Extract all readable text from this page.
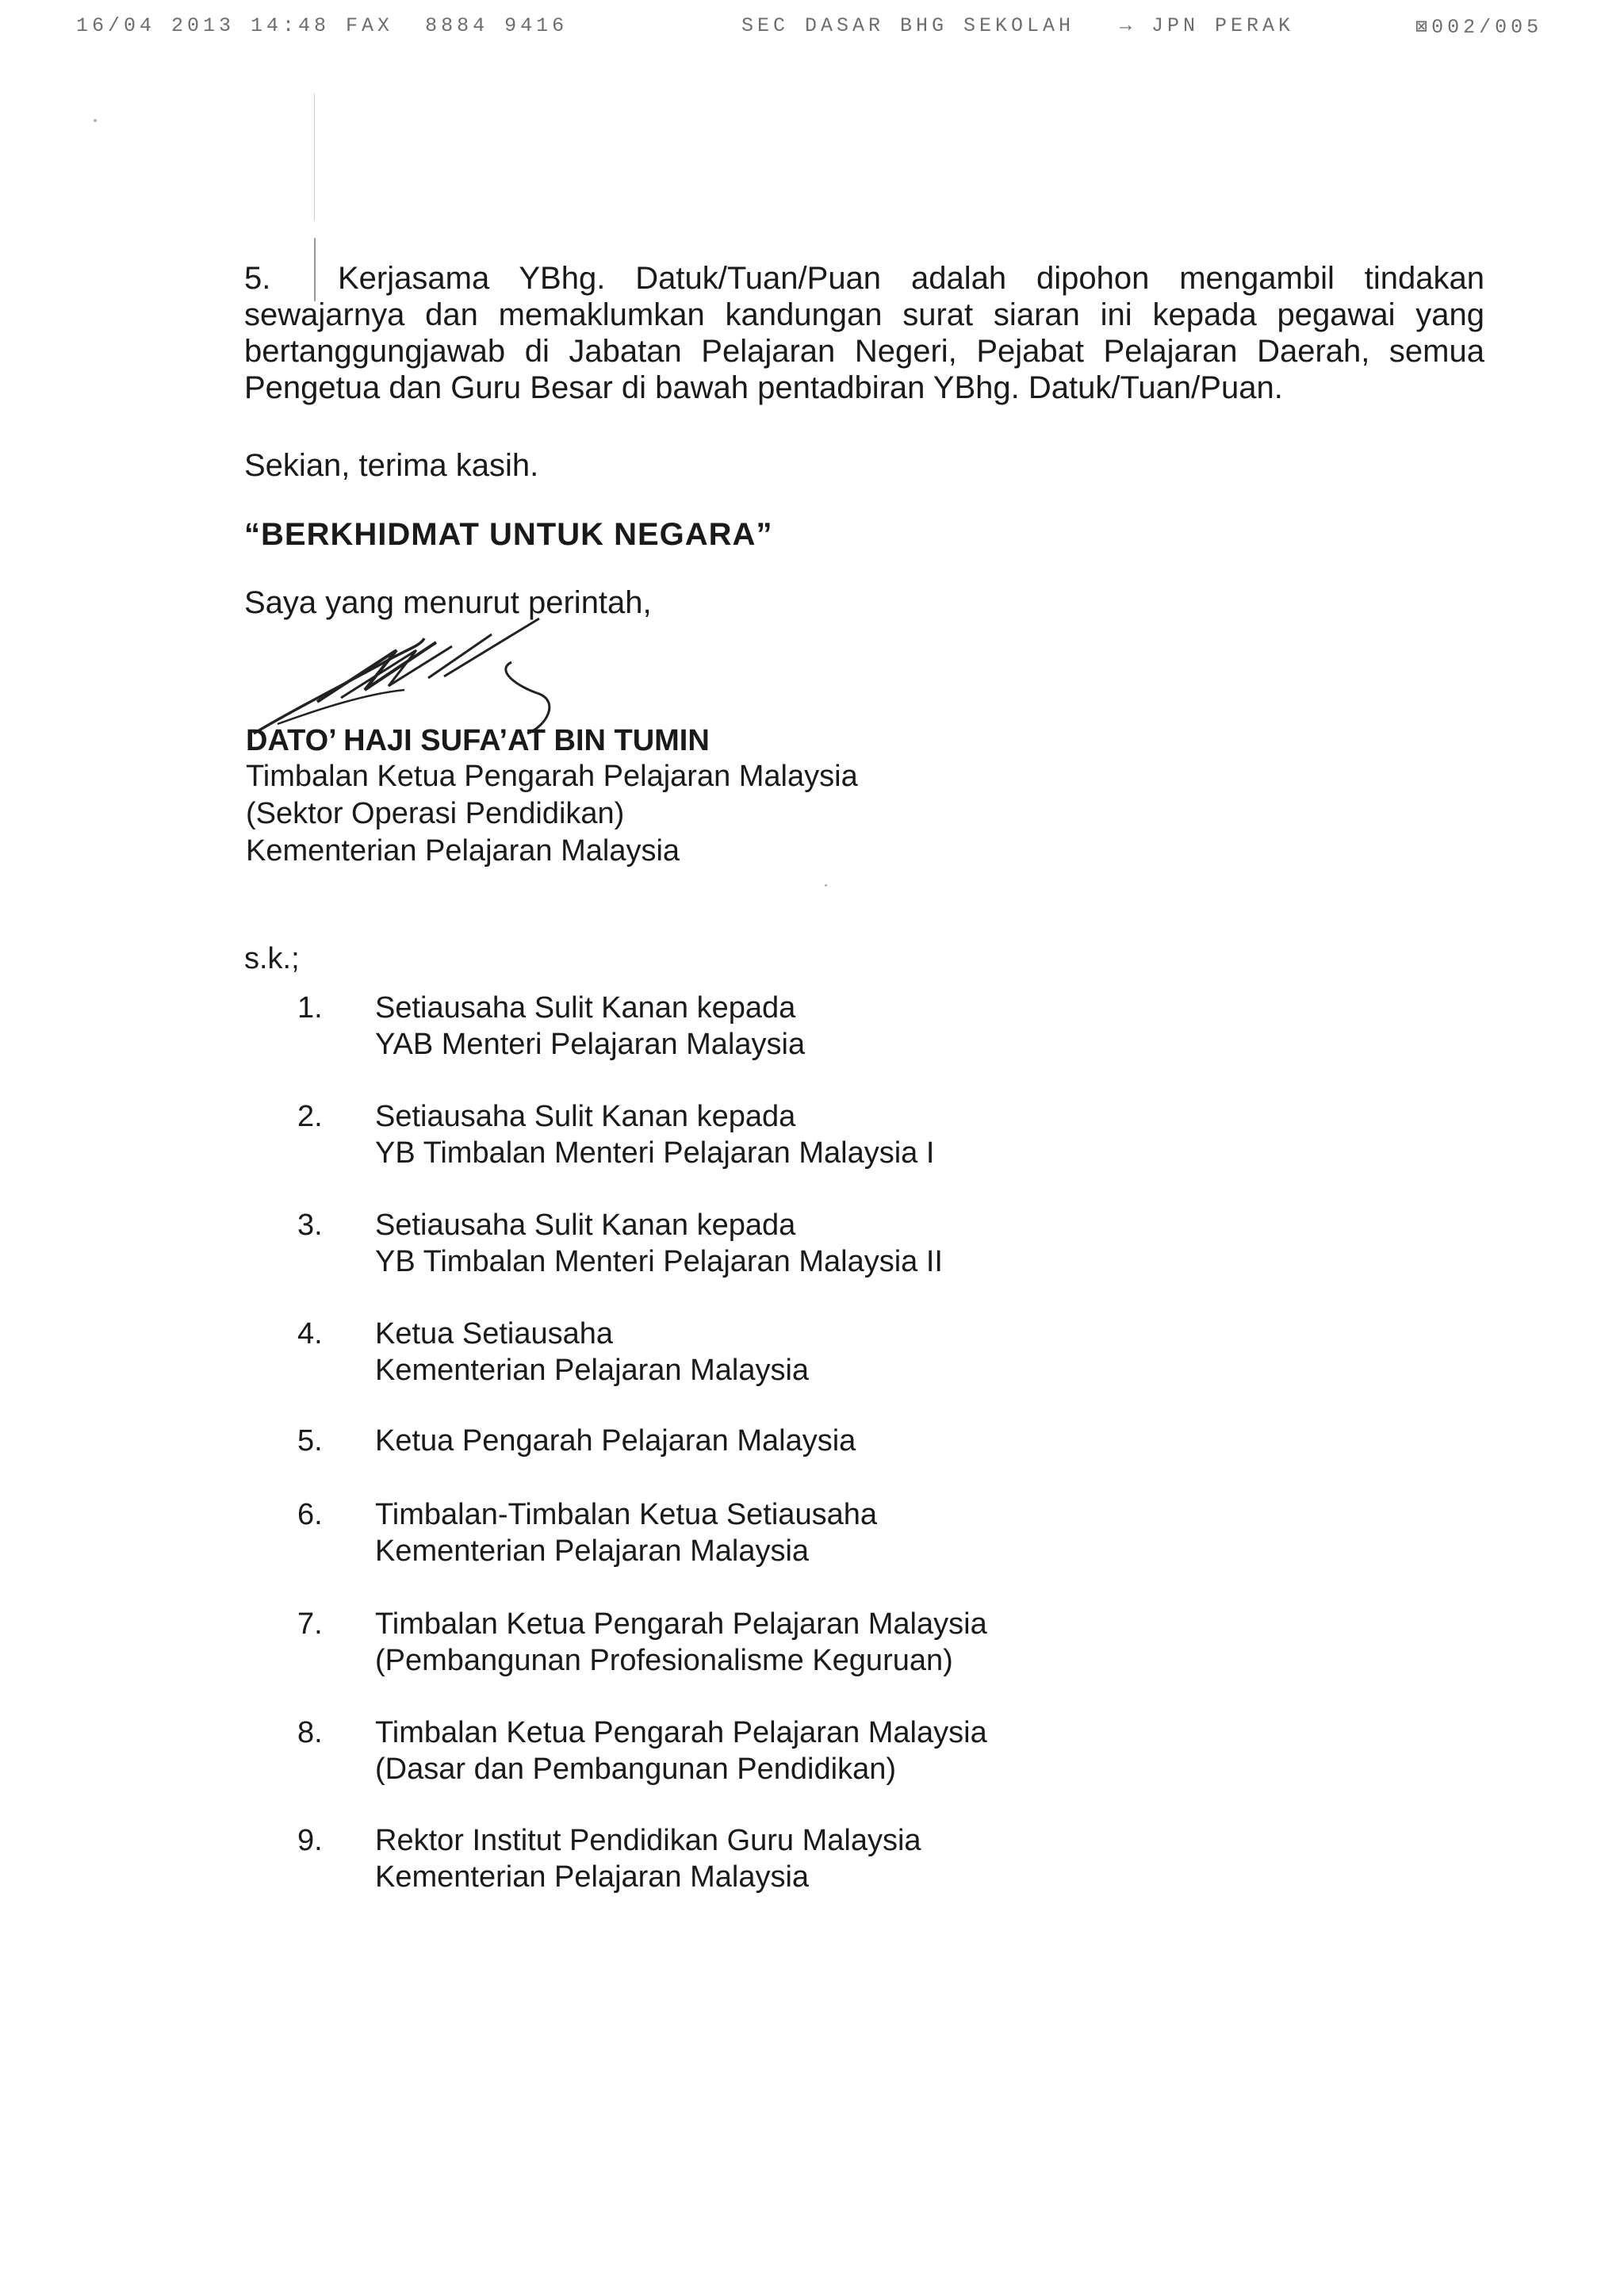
16/04 2013 14:48 FAX 8884 9416	SEC DASAR BHG SEKOLAH → JPN PERAK	⊠002/005

5. Kerjasama YBhg. Datuk/Tuan/Puan adalah dipohon mengambil tindakan sewajarnya dan memaklumkan kandungan surat siaran ini kepada pegawai yang bertanggungjawab di Jabatan Pelajaran Negeri, Pejabat Pelajaran Daerah, semua Pengetua dan Guru Besar di bawah pentadbiran YBhg. Datuk/Tuan/Puan.

Sekian, terima kasih.

“BERKHIDMAT UNTUK NEGARA”

Saya yang menurut perintah,

DATO’ HAJI SUFA’AT BIN TUMIN

Timbalan Ketua Pengarah Pelajaran Malaysia

(Sektor Operasi Pendidikan)

Kementerian Pelajaran Malaysia

s.k.;

1.	Setiausaha Sulit Kanan kepada
YAB Menteri Pelajaran Malaysia
2.	Setiausaha Sulit Kanan kepada
YB Timbalan Menteri Pelajaran Malaysia I
3.	Setiausaha Sulit Kanan kepada
YB Timbalan Menteri Pelajaran Malaysia II
4.	Ketua Setiausaha
Kementerian Pelajaran Malaysia
5.	Ketua Pengarah Pelajaran Malaysia
6.	Timbalan-Timbalan Ketua Setiausaha
Kementerian Pelajaran Malaysia
7.	Timbalan Ketua Pengarah Pelajaran Malaysia
(Pembangunan Profesionalisme Keguruan)
8.	Timbalan Ketua Pengarah Pelajaran Malaysia
(Dasar dan Pembangunan Pendidikan)
9.	Rektor Institut Pendidikan Guru Malaysia
Kementerian Pelajaran Malaysia
